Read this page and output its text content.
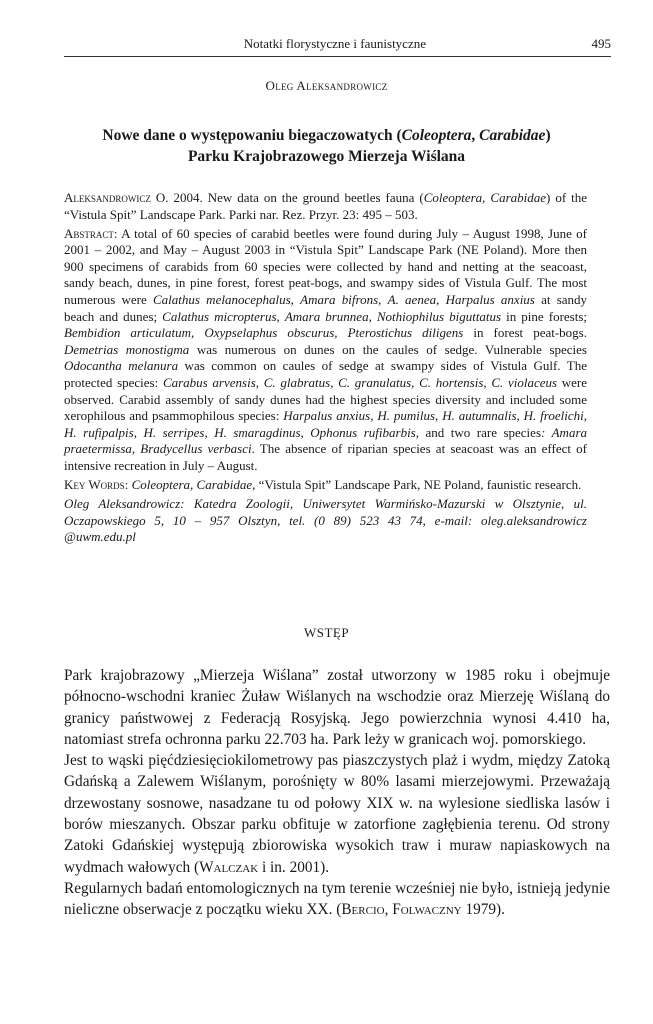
Notatki florystyczne i faunistyczne	495
Oleg Aleksandrowicz
Nowe dane o występowaniu biegaczowatych (Coleoptera, Carabidae)
Parku Krajobrazowego Mierzeja Wiślana

Aleksandrowicz O. 2004. New data on the ground beetles fauna (Coleoptera, Carabidae) of the “Vistula Spit” Landscape Park. Parki nar. Rez. Przyr. 23: 495 – 503.

Abstract: A total of 60 species of carabid beetles were found during July – August 1998, June of 2001 – 2002, and May – August 2003 in “Vistula Spit” Landscape Park (NE Poland). More then 900 specimens of carabids from 60 species were collected by hand and netting at the seacoast, sandy beach, dunes, in pine forest, forest peat-bogs, and swampy sides of Vistula Gulf. The most numerous were Calathus melanocephalus, Amara bifrons, A. aenea, Harpalus anxius at sandy beach and dunes; Calathus micropterus, Amara brunnea, Nothiophilus biguttatus in pine forests; Bembidion articulatum, Oxypselaphus obscurus, Pterostichus diligens in forest peat-bogs. Demetrias monostigma was numerous on dunes on the caules of sedge. Vulnerable species Odocantha melanura was common on caules of sedge at swampy sides of Vistula Gulf. The protected species: Carabus arvensis, C. glabratus, C. granulatus, C. hortensis, C. violaceus were observed. Carabid assembly of sandy dunes had the highest species diversity and included some xerophilous and psammophilous species: Harpalus anxius, H. pumilus, H. autumnalis, H. froelichi, H. rufipalpis, H. serripes, H. smaragdinus, Ophonus rufibarbis, and two rare species: Amara praetermissa, Bradycellus verbasci. The absence of riparian species at seacoast was an effect of intensive recreation in July – August.

Key Words: Coleoptera, Carabidae, “Vistula Spit” Landscape Park, NE Poland, faunistic research.

Oleg Aleksandrowicz: Katedra Zoologii, Uniwersytet Warmińsko-Mazurski w Olsztynie, ul. Oczapowskiego 5, 10 – 957 Olsztyn, tel. (0 89) 523 43 74, e-mail: oleg.aleksandrowicz @uwm.edu.pl

WSTĘP

Park krajobrazowy „Mierzeja Wiślana” został utworzony w 1985 roku i obejmuje północno-wschodni kraniec Żuław Wiślanych na wschodzie oraz Mierzeję Wiślaną do granicy państwowej z Federacją Rosyjską. Jego powierzchnia wynosi 4.410 ha, natomiast strefa ochronna parku 22.703 ha. Park leży w granicach woj. pomorskiego.

Jest to wąski pięćdziesięciokilometrowy pas piaszczystych plaż i wydm, między Zatoką Gdańską a Zalewem Wiślanym, porośnięty w 80% lasami mierzejowymi. Przeważają drzewostany sosnowe, nasadzane tu od połowy XIX w. na wylesione siedliska lasów i borów mieszanych. Obszar parku obfituje w zatorfione zagłębienia terenu. Od strony Zatoki Gdańskiej występują zbiorowiska wysokich traw i muraw napiaskowych na wydmach wałowych (Walczak i in. 2001).

Regularnych badań entomologicznych na tym terenie wcześniej nie było, istnieją jedynie nieliczne obserwacje z początku wieku XX. (Bercio, Folwaczny 1979).
